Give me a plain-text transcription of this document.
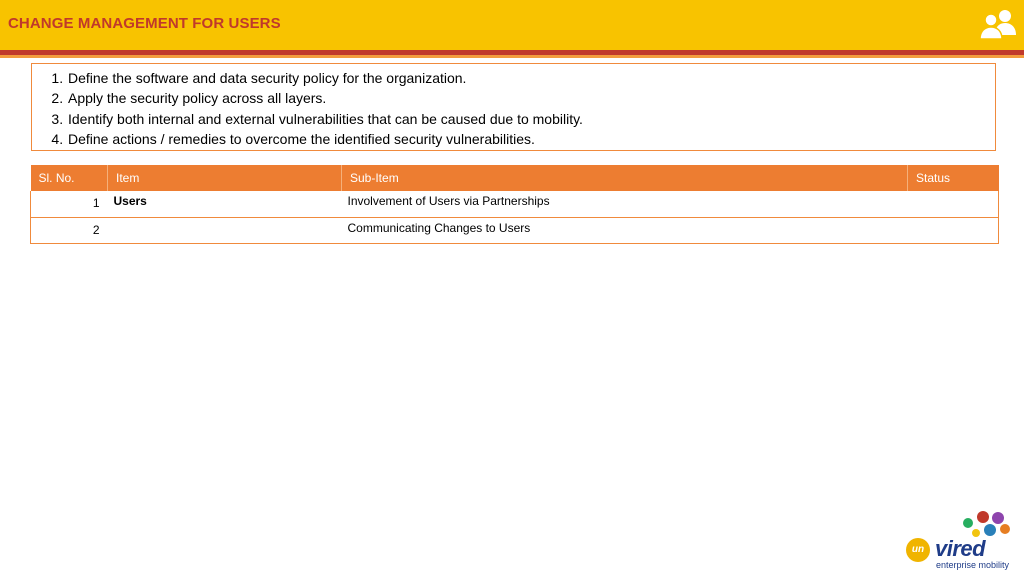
CHANGE MANAGEMENT FOR USERS
1. Define the software and data security policy for the organization.
2. Apply the security policy across all layers.
3. Identify both internal and external vulnerabilities that can be caused due to mobility.
4. Define actions / remedies to overcome the identified security vulnerabilities.
Sl. No.	Item	Sub-Item	Status
1	Users	Involvement of Users via Partnerships	
2		Communicating Changes to Users	
un vired
enterprise mobility
